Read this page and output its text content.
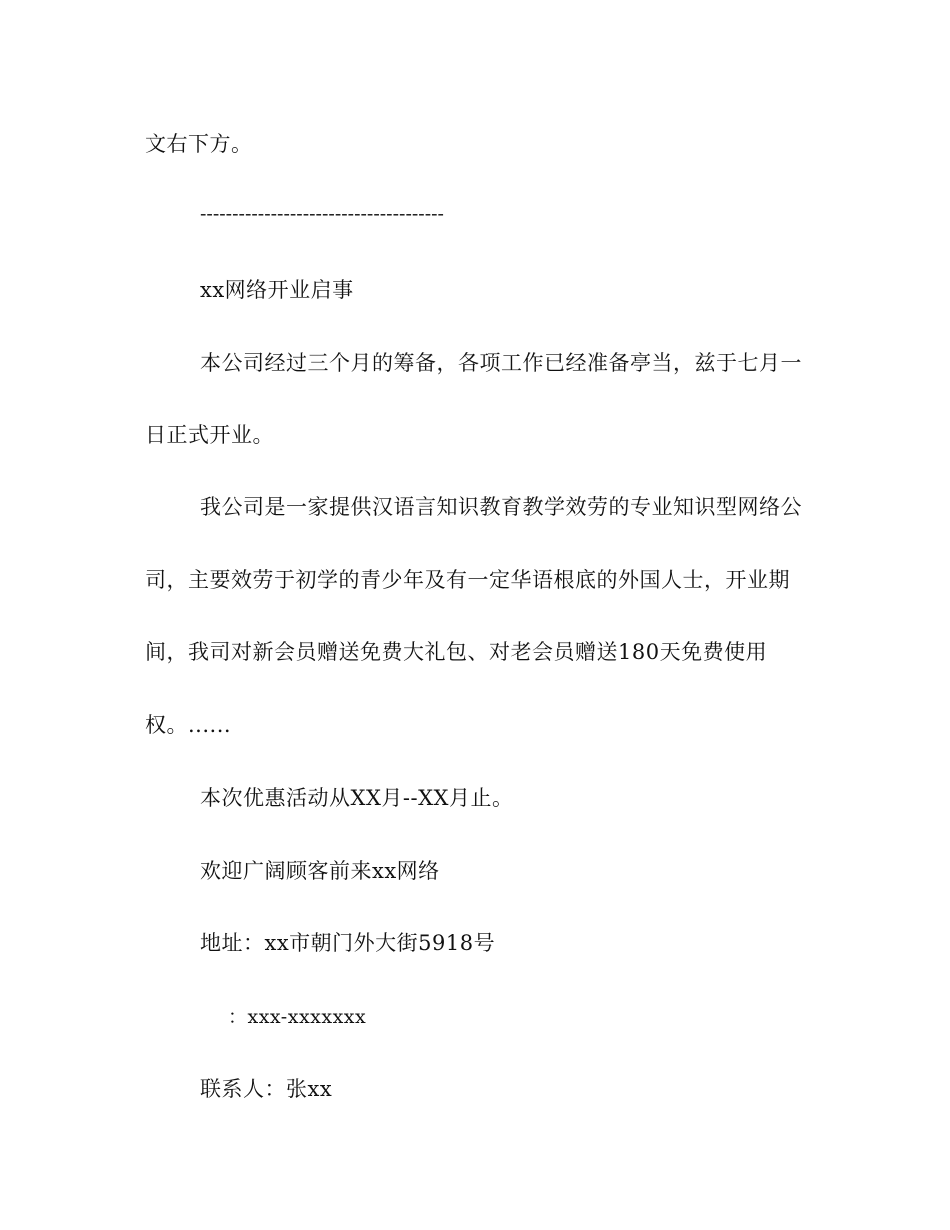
文右下方。
--------------------------------------
xx网络开业启事
本公司经过三个月的筹备，各项工作已经准备亭当，兹于七月一
日正式开业。
我公司是一家提供汉语言知识教育教学效劳的专业知识型网络公
司，主要效劳于初学的青少年及有一定华语根底的外国人士，开业期
间，我司对新会员赠送免费大礼包、对老会员赠送180天免费使用
权。......
本次优惠活动从XX月--XX月止。
欢迎广阔顾客前来xx网络
地址：xx市朝门外大街5918号
：xxx-xxxxxxx
联系人：张xx
